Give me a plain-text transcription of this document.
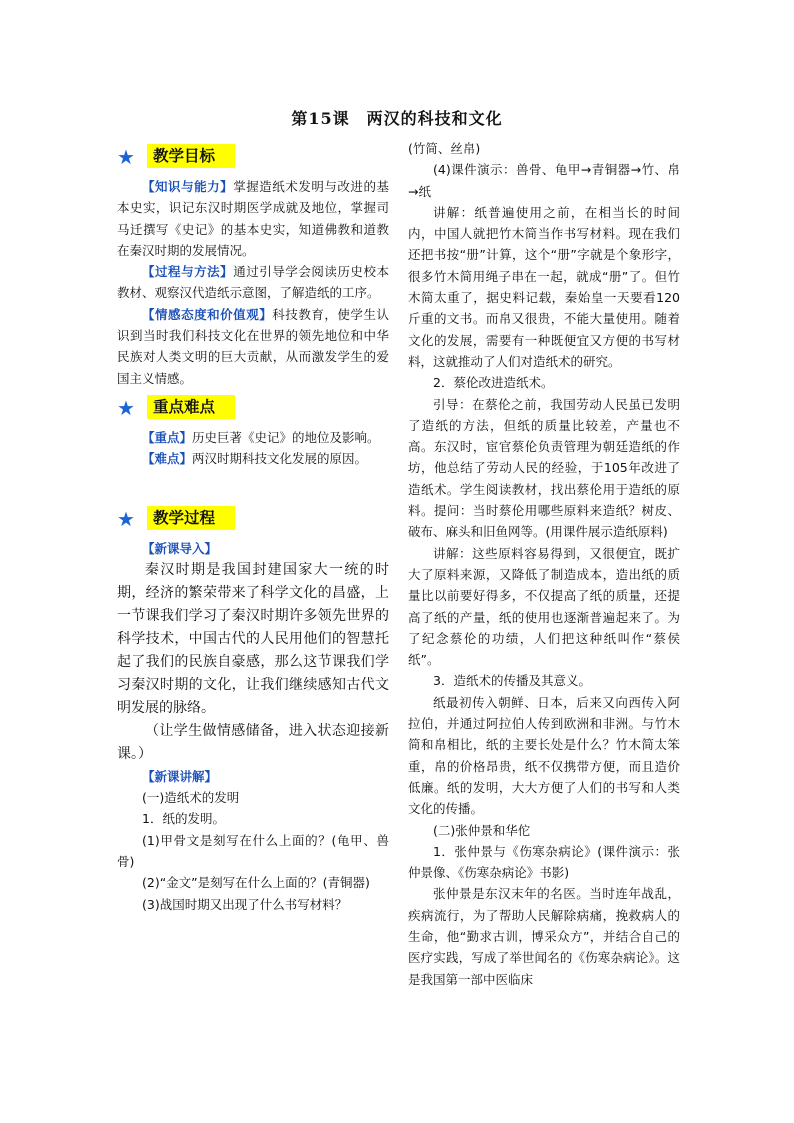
第15课　两汉的科技和文化
★	教学目标

【知识与能力】掌握造纸术发明与改进的基本史实，识记东汉时期医学成就及地位，掌握司马迁撰写《史记》的基本史实，知道佛教和道教在秦汉时期的发展情况。

【过程与方法】通过引导学会阅读历史校本教材、观察汉代造纸示意图，了解造纸的工序。

【情感态度和价值观】科技教育，使学生认识到当时我们科技文化在世界的领先地位和中华民族对人类文明的巨大贡献，从而激发学生的爱国主义情感。

★	重点难点

【重点】历史巨著《史记》的地位及影响。

【难点】两汉时期科技文化发展的原因。

★	教学过程

【新课导入】

秦汉时期是我国封建国家大一统的时期，经济的繁荣带来了科学文化的昌盛，上一节课我们学习了秦汉时期许多领先世界的科学技术，中国古代的人民用他们的智慧托起了我们的民族自豪感，那么这节课我们学习秦汉时期的文化，让我们继续感知古代文明发展的脉络。

（让学生做情感储备，进入状态迎接新课。）

【新课讲解】

(一)造纸术的发明

1．纸的发明。

(1)甲骨文是刻写在什么上面的？(龟甲、兽骨)

(2)“金文”是刻写在什么上面的？(青铜器)

(3)战国时期又出现了什么书写材料？

(竹简、丝帛)

(4)课件演示：兽骨、龟甲→青铜器→竹、帛→纸

讲解：纸普遍使用之前，在相当长的时间内，中国人就把竹木简当作书写材料。现在我们还把书按“册”计算，这个“册”字就是个象形字，很多竹木简用绳子串在一起，就成“册”了。但竹木简太重了，据史料记载，秦始皇一天要看120斤重的文书。而帛又很贵，不能大量使用。随着文化的发展，需要有一种既便宜又方便的书写材料，这就推动了人们对造纸术的研究。

2．蔡伦改进造纸术。

引导：在蔡伦之前，我国劳动人民虽已发明了造纸的方法，但纸的质量比较差，产量也不高。东汉时，宦官蔡伦负责管理为朝廷造纸的作坊，他总结了劳动人民的经验，于105年改进了造纸术。学生阅读教材，找出蔡伦用于造纸的原料。提问：当时蔡伦用哪些原料来造纸？树皮、破布、麻头和旧鱼网等。(用课件展示造纸原料)

讲解：这些原料容易得到，又很便宜，既扩大了原料来源，又降低了制造成本，造出纸的质量比以前要好得多，不仅提高了纸的质量，还提高了纸的产量，纸的使用也逐渐普遍起来了。为了纪念蔡伦的功绩，人们把这种纸叫作“蔡侯纸”。

3．造纸术的传播及其意义。

纸最初传入朝鲜、日本，后来又向西传入阿拉伯，并通过阿拉伯人传到欧洲和非洲。与竹木简和帛相比，纸的主要长处是什么？竹木简太笨重，帛的价格昂贵，纸不仅携带方便，而且造价低廉。纸的发明，大大方便了人们的书写和人类文化的传播。

(二)张仲景和华佗

1．张仲景与《伤寒杂病论》(课件演示：张仲景像、《伤寒杂病论》书影)

张仲景是东汉末年的名医。当时连年战乱，疾病流行，为了帮助人民解除病痛，挽救病人的生命，他“勤求古训，博采众方”，并结合自己的医疗实践，写成了举世闻名的《伤寒杂病论》。这是我国第一部中医临床
